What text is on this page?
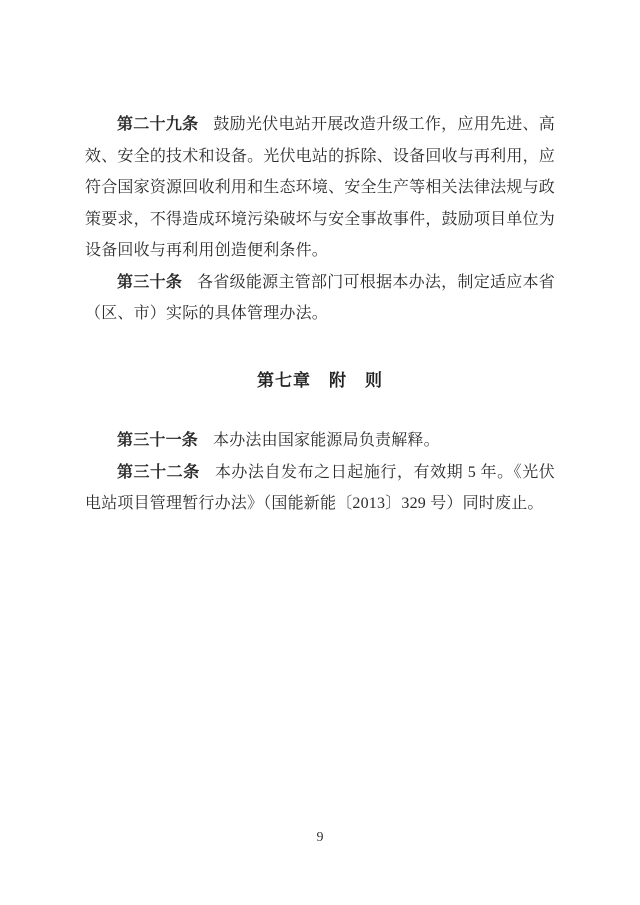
第二十九条 鼓励光伏电站开展改造升级工作，应用先进、高
效、安全的技术和设备。光伏电站的拆除、设备回收与再利用，应
符合国家资源回收利用和生态环境、安全生产等相关法律法规与政
策要求，不得造成环境污染破坏与安全事故事件，鼓励项目单位为
设备回收与再利用创造便利条件。
第三十条 各省级能源主管部门可根据本办法，制定适应本省
（区、市）实际的具体管理办法。
第七章　附　则
第三十一条 本办法由国家能源局负责解释。
第三十二条 本办法自发布之日起施行，有效期 5 年。《光伏
电站项目管理暂行办法》（国能新能〔2013〕329 号）同时废止。
9
